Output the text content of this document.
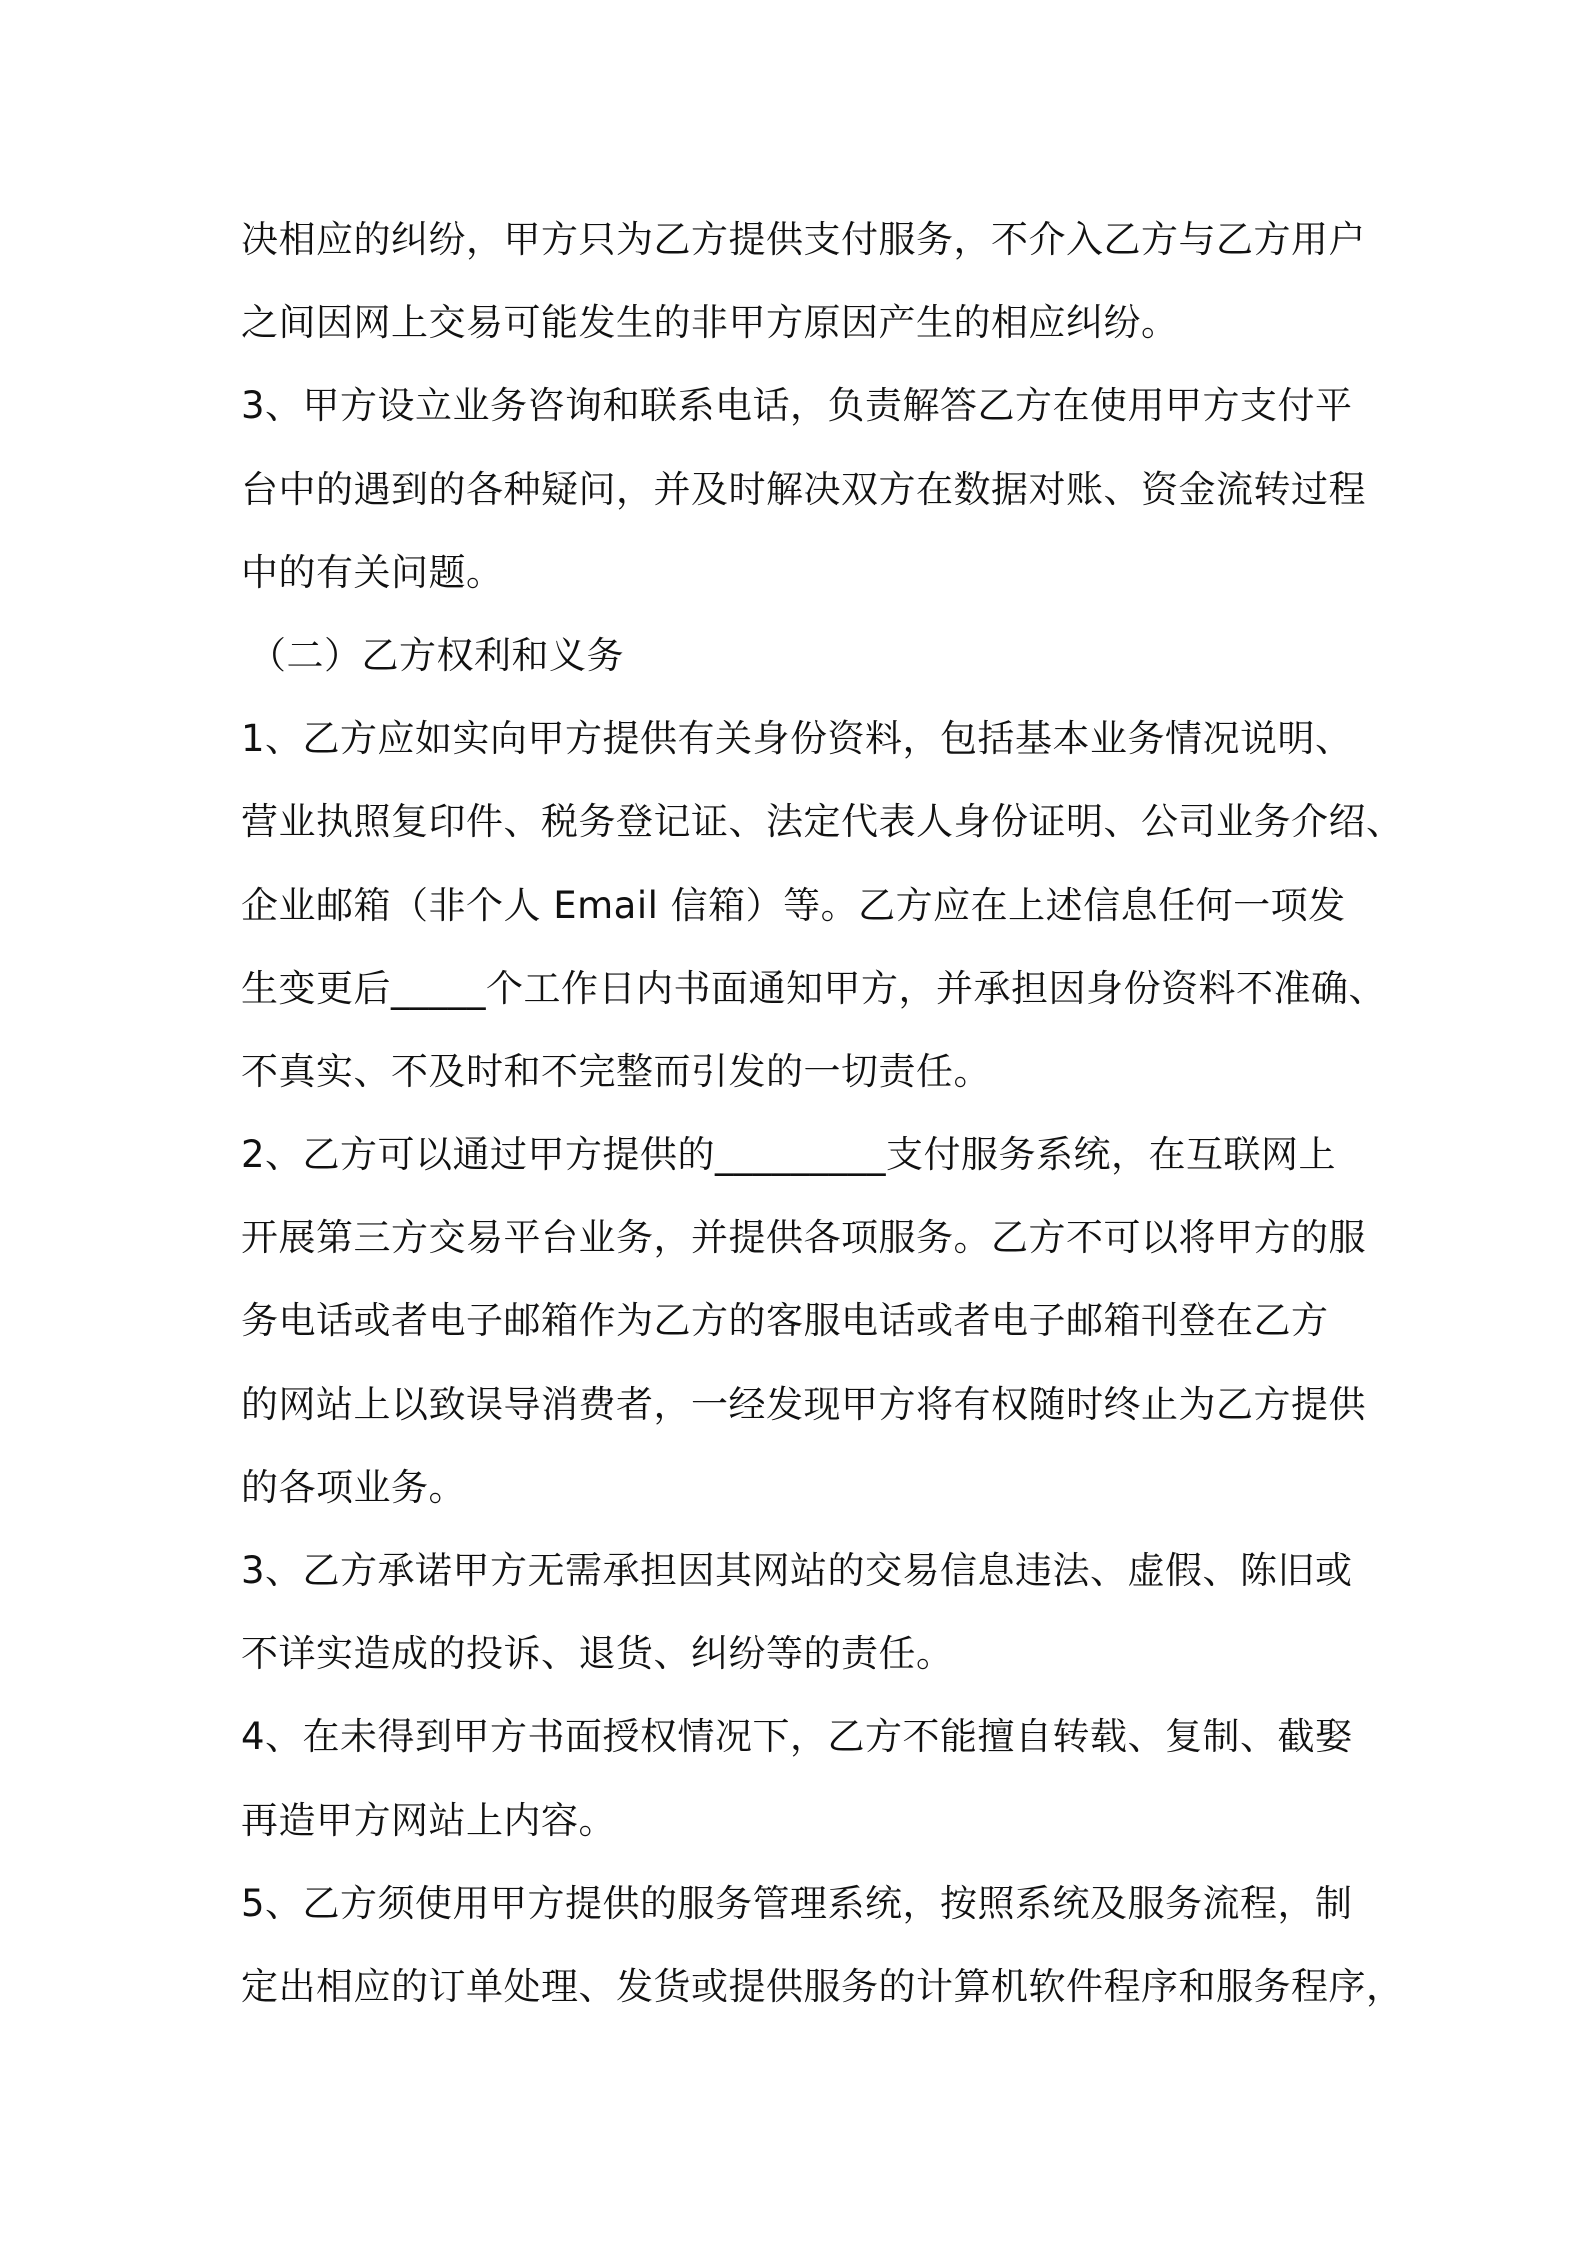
决相应的纠纷，甲方只为乙方提供支付服务，不介入乙方与乙方用户
之间因网上交易可能发生的非甲方原因产生的相应纠纷。
3、甲方设立业务咨询和联系电话，负责解答乙方在使用甲方支付平
台中的遇到的各种疑问，并及时解决双方在数据对账、资金流转过程
中的有关问题。
（二）乙方权利和义务
1、乙方应如实向甲方提供有关身份资料，包括基本业务情况说明、
营业执照复印件、税务登记证、法定代表人身份证明、公司业务介绍、
企业邮箱（非个人 Email 信箱）等。乙方应在上述信息任何一项发
生变更后_____个工作日内书面通知甲方，并承担因身份资料不准确、
不真实、不及时和不完整而引发的一切责任。
2、乙方可以通过甲方提供的_________支付服务系统，在互联网上
开展第三方交易平台业务，并提供各项服务。乙方不可以将甲方的服
务电话或者电子邮箱作为乙方的客服电话或者电子邮箱刊登在乙方
的网站上以致误导消费者，一经发现甲方将有权随时终止为乙方提供
的各项业务。
3、乙方承诺甲方无需承担因其网站的交易信息违法、虚假、陈旧或
不详实造成的投诉、退货、纠纷等的责任。
4、在未得到甲方书面授权情况下，乙方不能擅自转载、复制、截娶
再造甲方网站上内容。
5、乙方须使用甲方提供的服务管理系统，按照系统及服务流程，制
定出相应的订单处理、发货或提供服务的计算机软件程序和服务程序，
